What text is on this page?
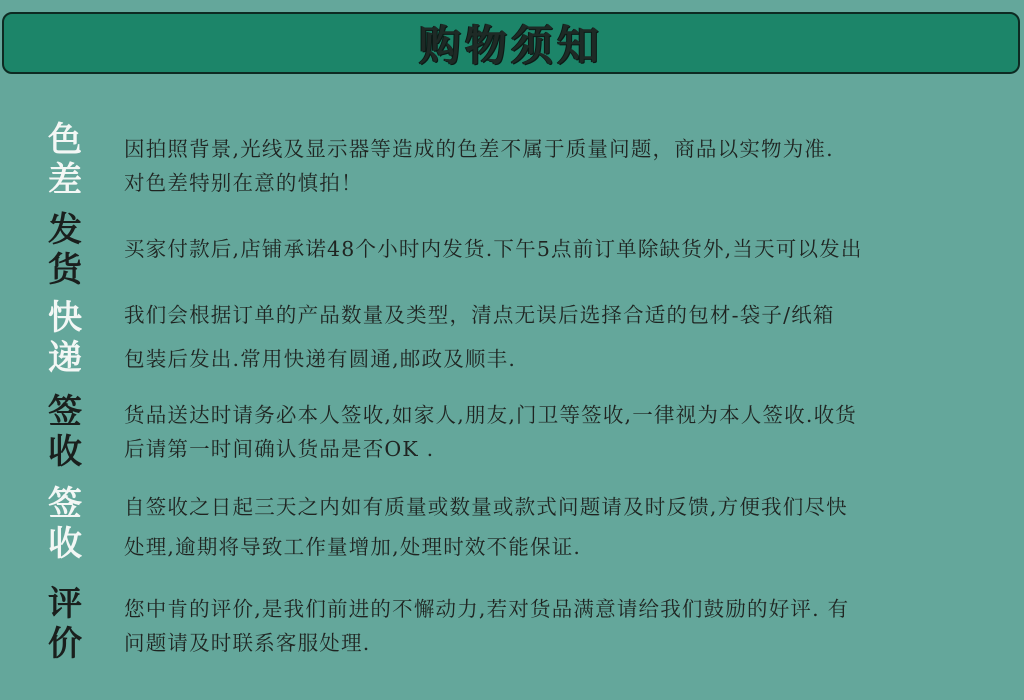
购物须知
色
差
因拍照背景,光线及显示器等造成的色差不属于质量问题，商品以实物为准.
对色差特别在意的慎拍！
发
货
买家付款后,店铺承诺48个小时内发货.下午5点前订单除缺货外,当天可以发出
快
递
我们会根据订单的产品数量及类型，清点无误后选择合适的包材-袋子/纸箱
包装后发出.常用快递有圆通,邮政及顺丰.
签
收
货品送达时请务必本人签收,如家人,朋友,门卫等签收,一律视为本人签收.收货
后请第一时间确认货品是否OK .
签
收
自签收之日起三天之内如有质量或数量或款式问题请及时反馈,方便我们尽快
处理,逾期将导致工作量增加,处理时效不能保证.
评
价
您中肯的评价,是我们前进的不懈动力,若对货品满意请给我们鼓励的好评. 有
问题请及时联系客服处理.
